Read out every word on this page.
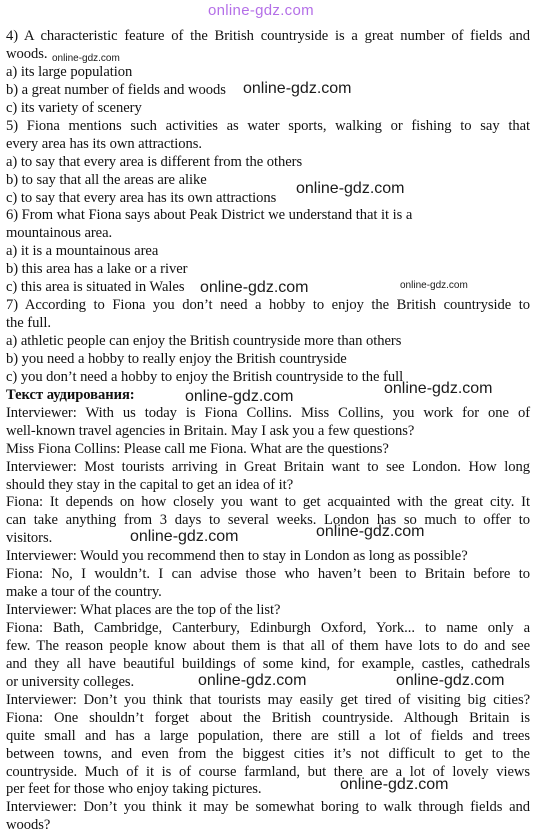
online-gdz.com
4) A characteristic feature of the British countryside is a great number of fields and
woods.
a) its large population
b) a great number of fields and woods
c) its variety of scenery
5) Fiona mentions such activities as water sports, walking or fishing to say that
every area has its own attractions.
a) to say that every area is different from the others
b) to say that all the areas are alike
c) to say that every area has its own attractions
6) From what Fiona says about Peak District we understand that it is a
mountainous area.
a) it is a mountainous area
b) this area has a lake or a river
c) this area is situated in Wales
7) According to Fiona you don’t need a hobby to enjoy the British countryside to
the full.
a) athletic people can enjoy the British countryside more than others
b) you need a hobby to really enjoy the British countryside
c) you don’t need a hobby to enjoy the British countryside to the full
Текст аудирования:
Interviewer: With us today is Fiona Collins. Miss Collins, you work for one of
well-known travel agencies in Britain. May I ask you a few questions?
Miss Fiona Collins: Please call me Fiona. What are the questions?
Interviewer: Most tourists arriving in Great Britain want to see London. How long
should they stay in the capital to get an idea of it?
Fiona: It depends on how closely you want to get acquainted with the great city. It
can take anything from 3 days to several weeks. London has so much to offer to
visitors.
Interviewer: Would you recommend then to stay in London as long as possible?
Fiona: No, I wouldn’t. I can advise those who haven’t been to Britain before to
make a tour of the country.
Interviewer: What places are the top of the list?
Fiona: Bath, Cambridge, Canterbury, Edinburgh Oxford, York... to name only a
few. The reason people know about them is that all of them have lots to do and see
and they all have beautiful buildings of some kind, for example, castles, cathedrals
or university colleges.
Interviewer: Don’t you think that tourists may easily get tired of visiting big cities?
Fiona: One shouldn’t forget about the British countryside. Although Britain is
quite small and has a large population, there are still a lot of fields and trees
between towns, and even from the biggest cities it’s not difficult to get to the
countryside. Much of it is of course farmland, but there are a lot of lovely views
per feet for those who enjoy taking pictures.
Interviewer: Don’t you think it may be somewhat boring to walk through fields and
woods?
online-gdz.com
online-gdz.com
online-gdz.com
online-gdz.com	online-gdz.com
online-gdz.com
online-gdz.com
online-gdz.com	online-gdz.com
online-gdz.com	online-gdz.com
online-gdz.com
